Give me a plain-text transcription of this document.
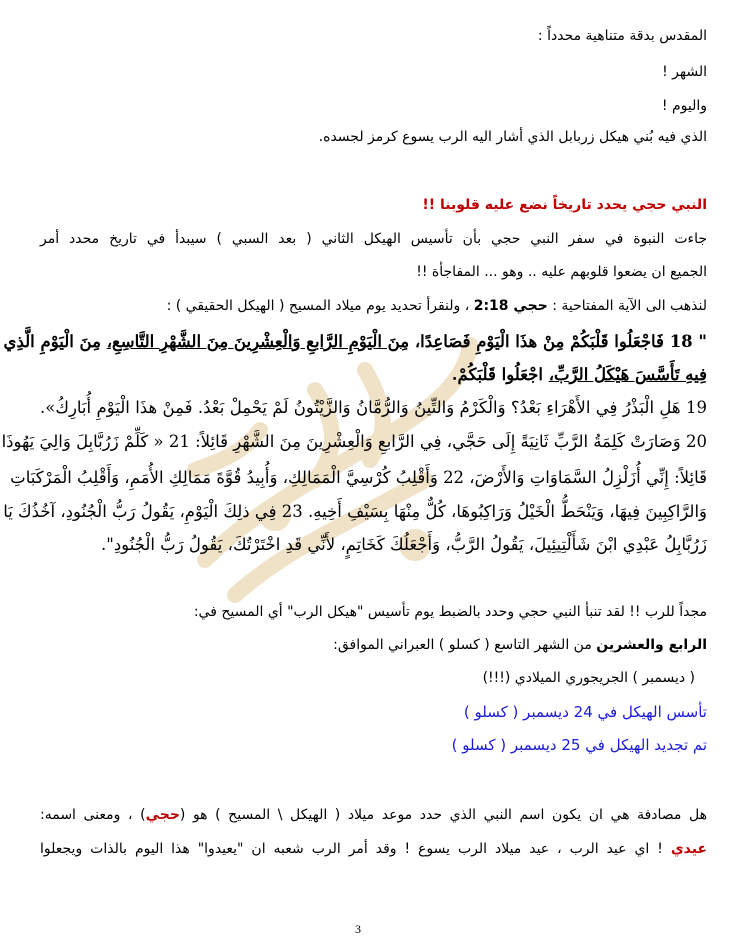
المقدس بدقة متناهية محدداً :
الشهر !
واليوم !
الذي فيه بُني هيكل زربابل الذي أشار اليه الرب يسوع كرمز لجسده.
النبي حجي يحدد تاريخاً نضع عليه قلوبنا !!
جاءت النبوة في سفر النبي حجي بأن تأسيس الهيكل الثاني ( بعد السبي ) سيبدأ في تاريخ محدد أمر
الجميع ان يضعوا قلوبهم عليه .. وهو ... المفاجأة !!
لنذهب الى الآية المفتاحية : حجي 2:18 ، ولنقرأ تحديد يوم ميلاد المسيح ( الهيكل الحقيقي ) :
" 18 فَاجْعَلُوا قَلْبَكُمْ مِنْ هذَا الْيَوْمِ فَصَاعِدًا، مِنَ الْيَوْمِ الرَّابعِ وَالْعِشْرِينَ مِنَ الشَّهْرِ التَّاسِعِ، مِنَ الْيَوْمِ الَّذِي
فِيهِ تَأَسَّسَ هَيْكَلُ الرَّبِّ، اجْعَلُوا قَلْبَكُمْ.
19 هَلِ الْبَذْرُ فِي الأَهْرَاءِ بَعْدُ؟ وَالْكَرْمُ وَالتِّينُ وَالرُّمَّانُ وَالزَّيْتُونُ لَمْ يَحْمِلْ بَعْدُ. فَمِنْ هذَا الْيَوْمِ أُبَارِكُ».
20 وَصَارَتْ كَلِمَةُ الرَّبِّ ثَانِيَةً إِلَى حَجَّي، فِي الرَّابعِ وَالْعِشْرِينَ مِنَ الشَّهْرِ قَائِلاً: 21 « كَلِّمْ زَرُبَّابِلَ وَالِيَ يَهُوذَا
قَائِلاً: إِنِّي أُزَلْزِلُ السَّمَاوَاتِ وَالأَرْضَ، 22 وَأَقْلِبُ كُرْسِيَّ الْمَمَالِكِ، وَأُبِيدُ قُوَّةَ مَمَالِكِ الأُمَمِ، وَأَقْلِبُ الْمَرْكَبَاتِ
وَالرَّاكِبِينَ فِيهَا، وَيَنْحَطُّ الْخَيْلُ وَرَاكِبُوهَا، كُلٌّ مِنْهَا بِسَيْفِ أَخِيهِ. 23 فِي ذلِكَ الْيَوْمِ، يَقُولُ رَبُّ الْجُنُودِ، آخُذُكَ يَا
زَرُبَّابِلُ عَبْدِي ابْنَ شَأَلْتِيئِيلَ، يَقُولُ الرَّبُّ، وَأَجْعَلُكَ كَخَاتِمٍ، لأَنِّي قَدِ اخْتَرْتُكَ، يَقُولُ رَبُّ الْجُنُودِ".
مجداً للرب !! لقد تنبأ النبي حجي وحدد بالضبط يوم تأسيس "هيكل الرب" أي المسيح في:
الرابع والعشرين من الشهر التاسع ( كسلو ) العبراني الموافق:
( ديسمبر ) الجريجوري الميلادي (!!!)
تأسس الهيكل في 24 ديسمبر ( كسلو )
تم تجديد الهيكل في 25 ديسمبر ( كسلو )
هل مصادفة هي ان يكون اسم النبي الذي حدد موعد ميلاد ( الهيكل \ المسيح ) هو (حجي) ، ومعنى اسمه:
عيدي ! اي عيد الرب ، عيد ميلاد الرب يسوع ! وقد أمر الرب شعبه ان "يعيدوا" هذا اليوم بالذات ويجعلوا
3
